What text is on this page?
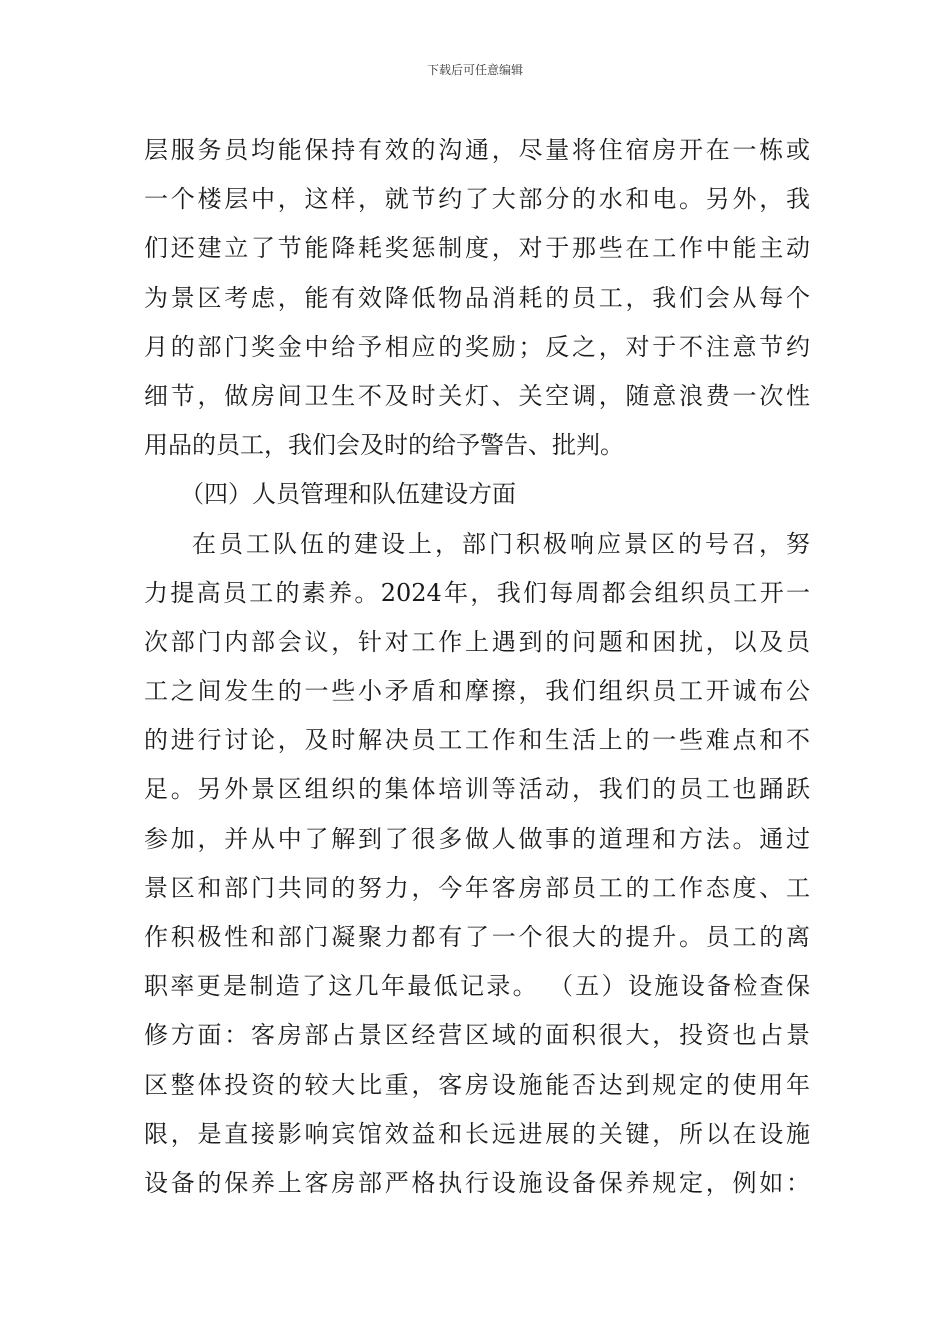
下载后可任意编辑
层服务员均能保持有效的沟通，尽量将住宿房开在一栋或
一个楼层中，这样，就节约了大部分的水和电。另外，我
们还建立了节能降耗奖惩制度，对于那些在工作中能主动
为景区考虑，能有效降低物品消耗的员工，我们会从每个
月的部门奖金中给予相应的奖励；反之，对于不注意节约
细节，做房间卫生不及时关灯、关空调，随意浪费一次性
用品的员工，我们会及时的给予警告、批判。
（四）人员管理和队伍建设方面
在员工队伍的建设上，部门积极响应景区的号召，努
力提高员工的素养。2024年，我们每周都会组织员工开一
次部门内部会议，针对工作上遇到的问题和困扰，以及员
工之间发生的一些小矛盾和摩擦，我们组织员工开诚布公
的进行讨论，及时解决员工工作和生活上的一些难点和不
足。另外景区组织的集体培训等活动，我们的员工也踊跃
参加，并从中了解到了很多做人做事的道理和方法。通过
景区和部门共同的努力，今年客房部员工的工作态度、工
作积极性和部门凝聚力都有了一个很大的提升。员工的离
职率更是制造了这几年最低记录。 （五）设施设备检查保
修方面：客房部占景区经营区域的面积很大，投资也占景
区整体投资的较大比重，客房设施能否达到规定的使用年
限，是直接影响宾馆效益和长远进展的关键，所以在设施
设备的保养上客房部严格执行设施设备保养规定，例如：
